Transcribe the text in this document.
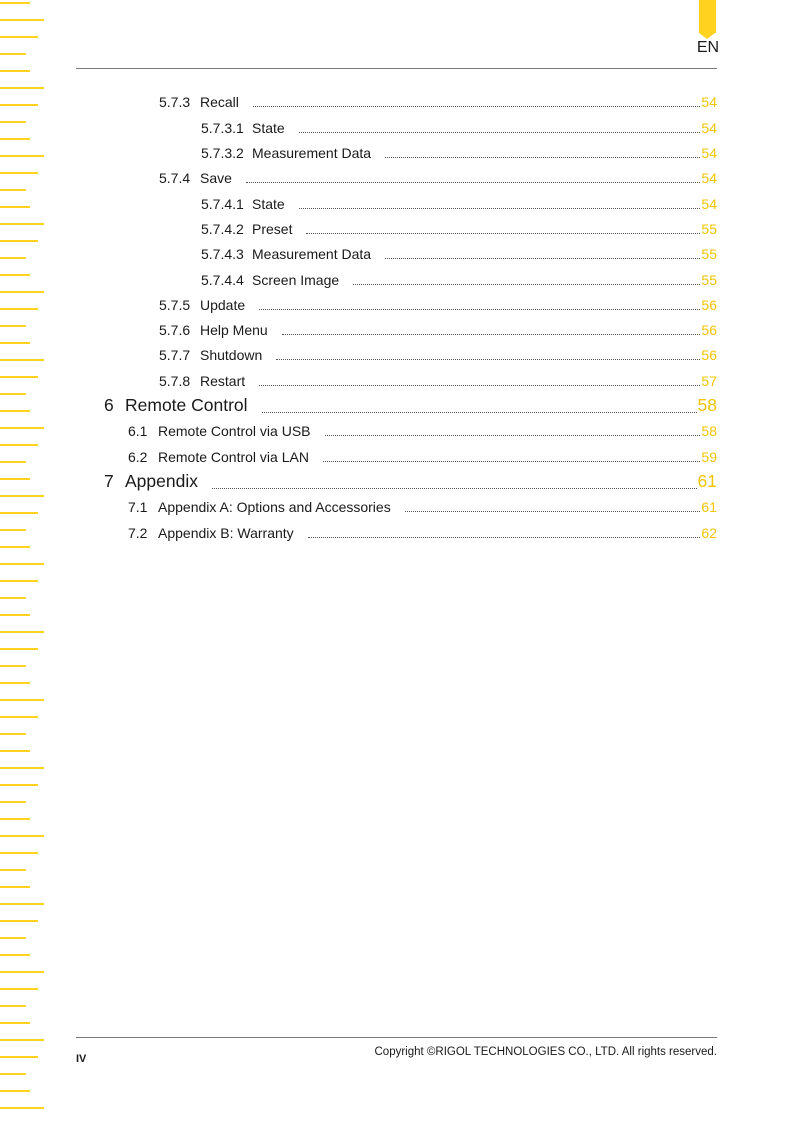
EN
5.7.3 Recall	54
5.7.3.1 State	54
5.7.3.2 Measurement Data	54
5.7.4 Save	54
5.7.4.1 State	54
5.7.4.2 Preset	55
5.7.4.3 Measurement Data	55
5.7.4.4 Screen Image	55
5.7.5 Update	56
5.7.6 Help Menu	56
5.7.7 Shutdown	56
5.7.8 Restart	57
6 Remote Control	58
6.1 Remote Control via USB	58
6.2 Remote Control via LAN	59
7 Appendix	61
7.1 Appendix A: Options and Accessories	61
7.2 Appendix B: Warranty	62
IV
Copyright ©RIGOL TECHNOLOGIES CO., LTD. All rights reserved.
